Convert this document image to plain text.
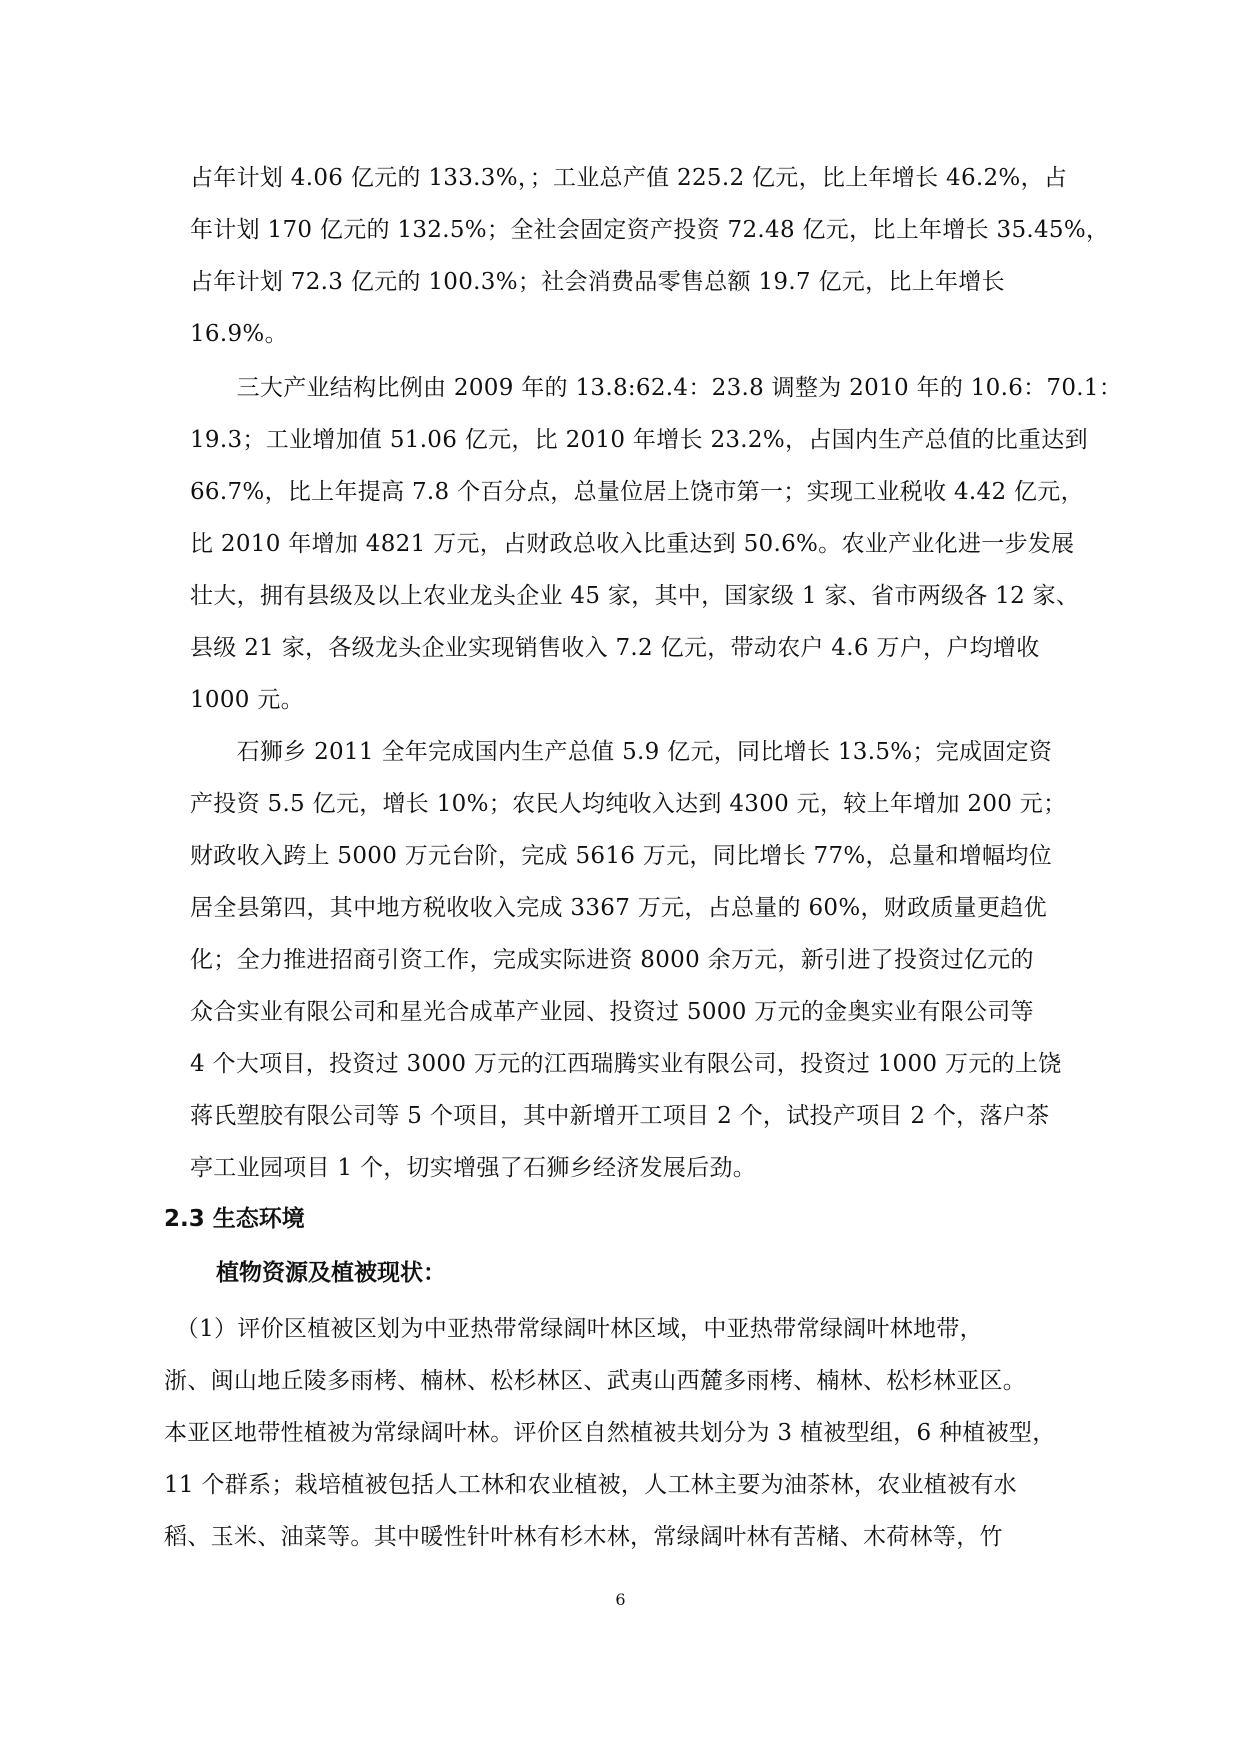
占年计划 4.06 亿元的 133.3%，；工业总产值 225.2 亿元，比上年增长 46.2%，占
年计划 170 亿元的 132.5%；全社会固定资产投资 72.48 亿元，比上年增长 35.45%，
占年计划 72.3 亿元的 100.3%；社会消费品零售总额 19.7 亿元，比上年增长
16.9%。
　　三大产业结构比例由 2009 年的 13.8:62.4：23.8 调整为 2010 年的 10.6：70.1：
19.3；工业增加值 51.06 亿元，比 2010 年增长 23.2%，占国内生产总值的比重达到
66.7%，比上年提高 7.8 个百分点，总量位居上饶市第一；实现工业税收 4.42 亿元，
比 2010 年增加 4821 万元，占财政总收入比重达到 50.6%。农业产业化进一步发展
壮大，拥有县级及以上农业龙头企业 45 家，其中，国家级 1 家、省市两级各 12 家、
县级 21 家，各级龙头企业实现销售收入 7.2 亿元，带动农户 4.6 万户，户均增收
1000 元。
　　石狮乡 2011 全年完成国内生产总值 5.9 亿元，同比增长 13.5%；完成固定资
产投资 5.5 亿元，增长 10%；农民人均纯收入达到 4300 元，较上年增加 200 元；
财政收入跨上 5000 万元台阶，完成 5616 万元，同比增长 77%，总量和增幅均位
居全县第四，其中地方税收收入完成 3367 万元，占总量的 60%，财政质量更趋优
化；全力推进招商引资工作，完成实际进资 8000 余万元，新引进了投资过亿元的
众合实业有限公司和星光合成革产业园、投资过 5000 万元的金奥实业有限公司等
4 个大项目，投资过 3000 万元的江西瑞腾实业有限公司，投资过 1000 万元的上饶
蒋氏塑胶有限公司等 5 个项目，其中新增开工项目 2 个，试投产项目 2 个，落户茶
亭工业园项目 1 个，切实增强了石狮乡经济发展后劲。
2.3 生态环境
植物资源及植被现状：
　（1）评价区植被区划为中亚热带常绿阔叶林区域，中亚热带常绿阔叶林地带，
浙、闽山地丘陵多雨栲、楠林、松杉林区、武夷山西麓多雨栲、楠林、松杉林亚区。
本亚区地带性植被为常绿阔叶林。评价区自然植被共划分为 3 植被型组，6 种植被型，
11 个群系；栽培植被包括人工林和农业植被，人工林主要为油茶林，农业植被有水
稻、玉米、油菜等。其中暖性针叶林有杉木林，常绿阔叶林有苦槠、木荷林等，竹
6
